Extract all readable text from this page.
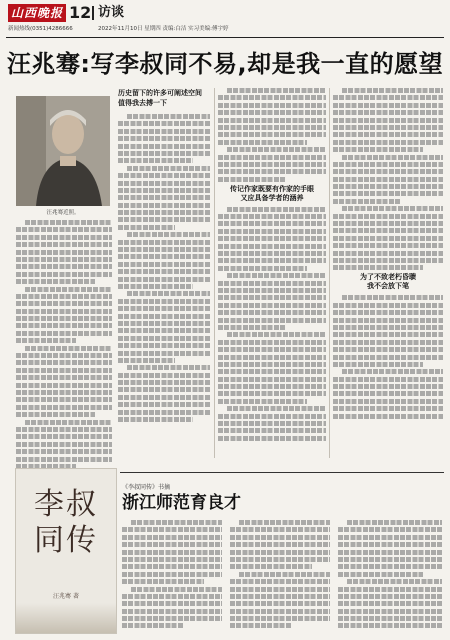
山西晚报 12 访谈
新闻热线(0351)4286666	2022年11月10日 星期四 责编:白洁 实习美编:傅宇婷
汪兆骞:写李叔同不易,却是我一直的愿望
汪兆骞近照。
历史留下的许多可阐述空间
值得我去搏一下
传记作家既要有作家的手眼
又应具备学者的涵养
为了不致老朽昏聩
我不会放下笔
李叔同传
汪兆骞 著
《李叔同传》书摘
浙江师范育良才
